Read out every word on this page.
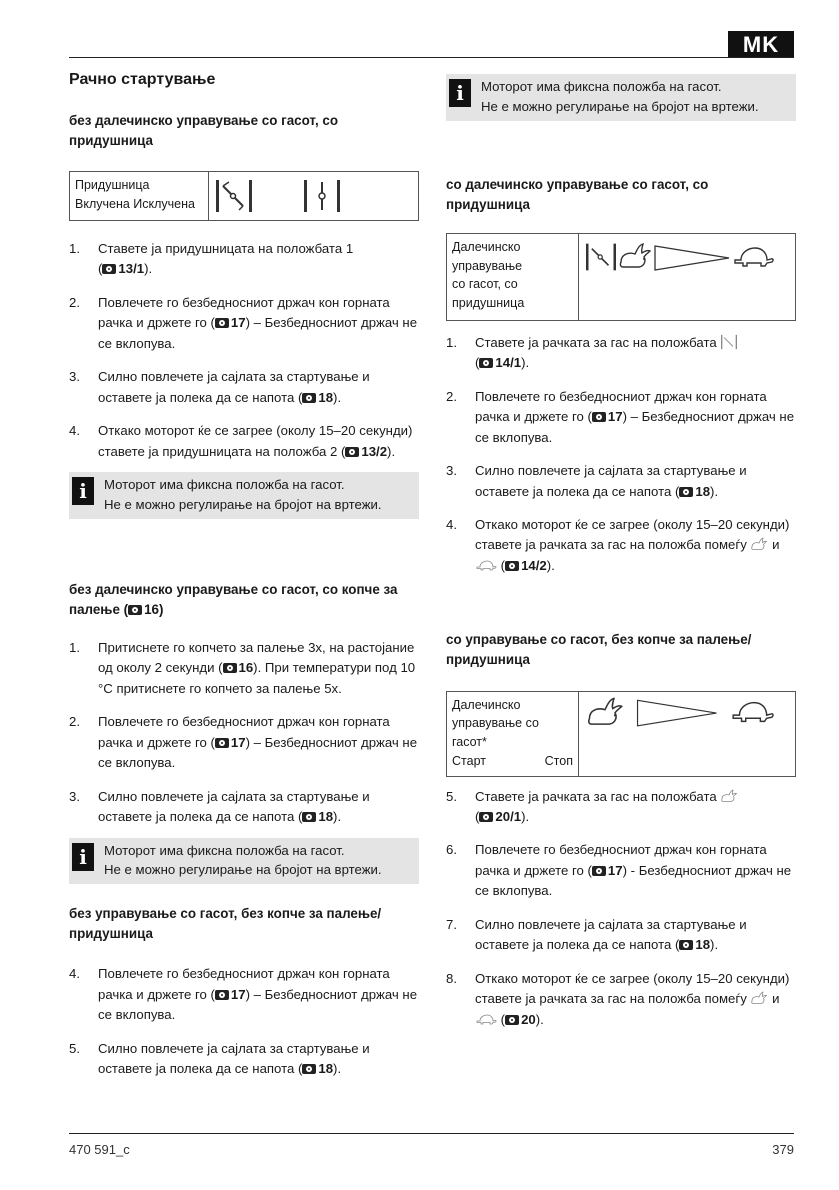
MK
470 591_c	379
Рачно стартување
без далечинско управување со гасот, со придушница
Придушница
Вклучена Исклучена
1.	Ставете ја придушницата на положбата 1
( 13/1).
2.	Повлечете го безбедносниот држач кон горната рачка и држете го ( 17) – Безбедносниот држач не се вклопува.
3.	Силно повлечете ја сајлата за стартување и оставете ја полека да се напота ( 18).
4.	Откако моторот ќе се загрее (околу 15–20 секунди) ставете ја придушницата на положба 2 ( 13/2).
i	Моторот има фиксна положба на гасот.
Не е можно регулирање на бројот на вртежи.
без далечинско управување со гасот, со копче за палење ( 16)
1.	Притиснете го копчето за палење 3x, на растојание од околу 2 секунди ( 16). При температури под 10 °C притиснете го копчето за палење 5x.
2.	Повлечете го безбедносниот држач кон горната рачка и држете го ( 17) – Безбедносниот држач не се вклопува.
3.	Силно повлечете ја сајлата за стартување и оставете ја полека да се напота ( 18).
i	Моторот има фиксна положба на гасот.
Не е можно регулирање на бројот на вртежи.
без управување со гасот, без копче за палење/ придушница
4.	Повлечете го безбедносниот држач кон горната рачка и држете го ( 17) – Безбедносниот држач не се вклопува.
5.	Силно повлечете ја сајлата за стартување и оставете ја полека да се напота ( 18).
i	Моторот има фиксна положба на гасот.
Не е можно регулирање на бројот на вртежи.
со далечинско управување со гасот, со придушница
Далечинско
управување
со гасот, со
придушница
1.	Ставете ја рачката за гас на положбата
( 14/1).
2.	Повлечете го безбедносниот држач кон горната рачка и држете го ( 17) – Безбедносниот држач не се вклопува.
3.	Силно повлечете ја сајлата за стартување и оставете ја полека да се напота ( 18).
4.	Откако моторот ќе се загрее (околу 15–20 секунди) ставете ја рачката за гас на положба помеѓу и  ( 14/2).
со управување со гасот, без копче за палење/ придушница
Далечинско
управување со
гасот*
Старт	Стоп
5.	Ставете ја рачката за гас на положбата
( 20/1).
6.	Повлечете го безбедносниот држач кон горната рачка и држете го ( 17) - Безбедносниот држач не се вклопува.
7.	Силно повлечете ја сајлата за стартување и оставете ја полека да се напота ( 18).
8.	Откако моторот ќе се загрее (околу 15–20 секунди) ставете ја рачката за гас на положба помеѓу и  ( 20).
